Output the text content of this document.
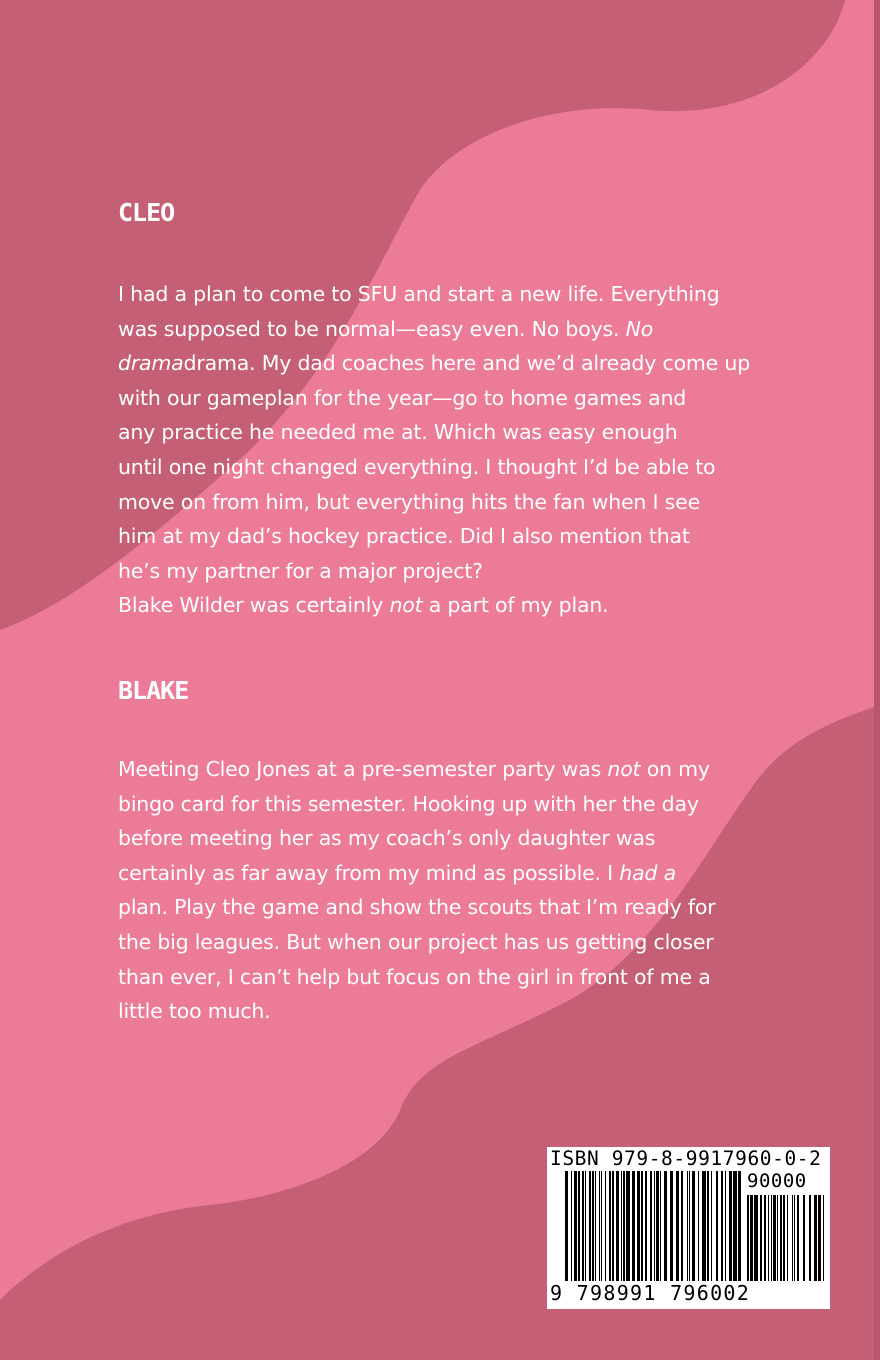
CLEO
I had a plan to come to SFU and start a new life. Everything
was supposed to be normal—easy even. No boys. No
dramadrama. My dad coaches here and we’d already come up
with our gameplan for the year—go to home games and
any practice he needed me at. Which was easy enough
until one night changed everything. I thought I’d be able to
move on from him, but everything hits the fan when I see
him at my dad’s hockey practice. Did I also mention that
he’s my partner for a major project?
Blake Wilder was certainly not a part of my plan.
BLAKE
Meeting Cleo Jones at a pre-semester party was not on my
bingo card for this semester. Hooking up with her the day
before meeting her as my coach’s only daughter was
certainly as far away from my mind as possible. I had a
plan. Play the game and show the scouts that I’m ready for
the big leagues. But when our project has us getting closer
than ever, I can’t help but focus on the girl in front of me a
little too much.
ISBN 979-8-9917960-0-2
90000
9 798991 796002
